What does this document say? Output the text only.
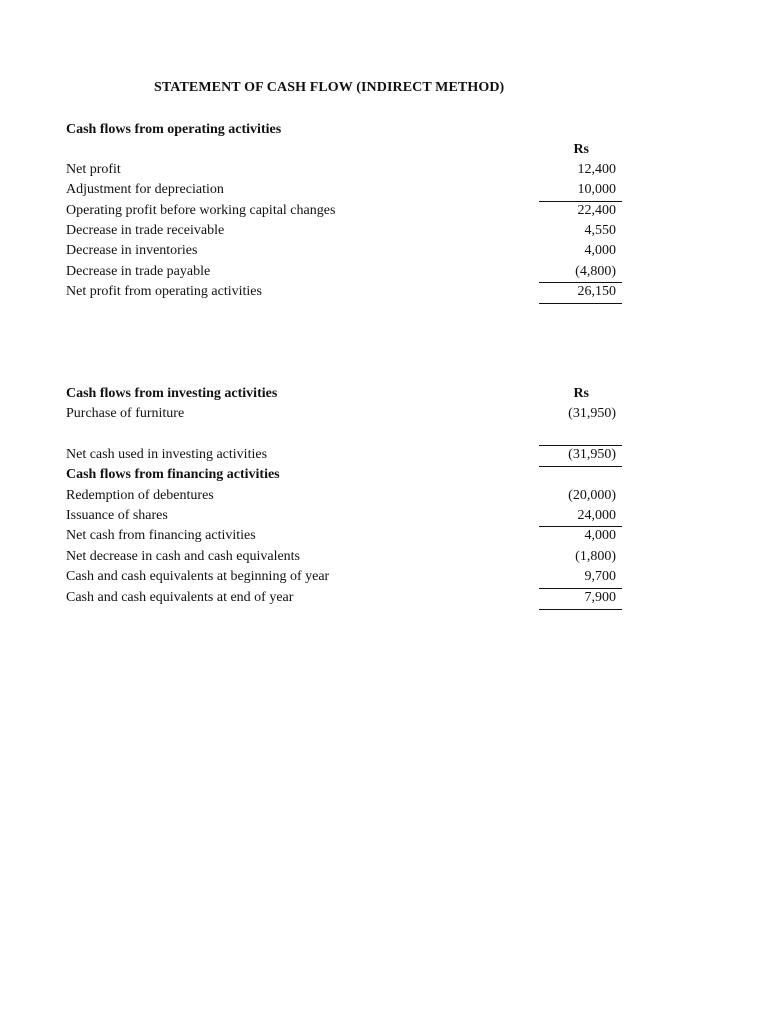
STATEMENT OF CASH FLOW (INDIRECT METHOD)
Cash flows from operating activities
Rs
Net profit	12,400
Adjustment for depreciation	10,000
Operating profit before working capital changes	22,400
Decrease in trade receivable	4,550
Decrease in inventories	4,000
Decrease in trade payable	(4,800)
Net profit from operating activities	26,150
Cash flows from investing activities	Rs
Purchase of furniture	(31,950)
Net cash used in investing activities	(31,950)
Cash flows from financing activities
Redemption of debentures	(20,000)
Issuance of shares	24,000
Net cash from financing activities	4,000
Net decrease in cash and cash equivalents	(1,800)
Cash and cash equivalents at beginning of year	9,700
Cash and cash equivalents at end of year	7,900
